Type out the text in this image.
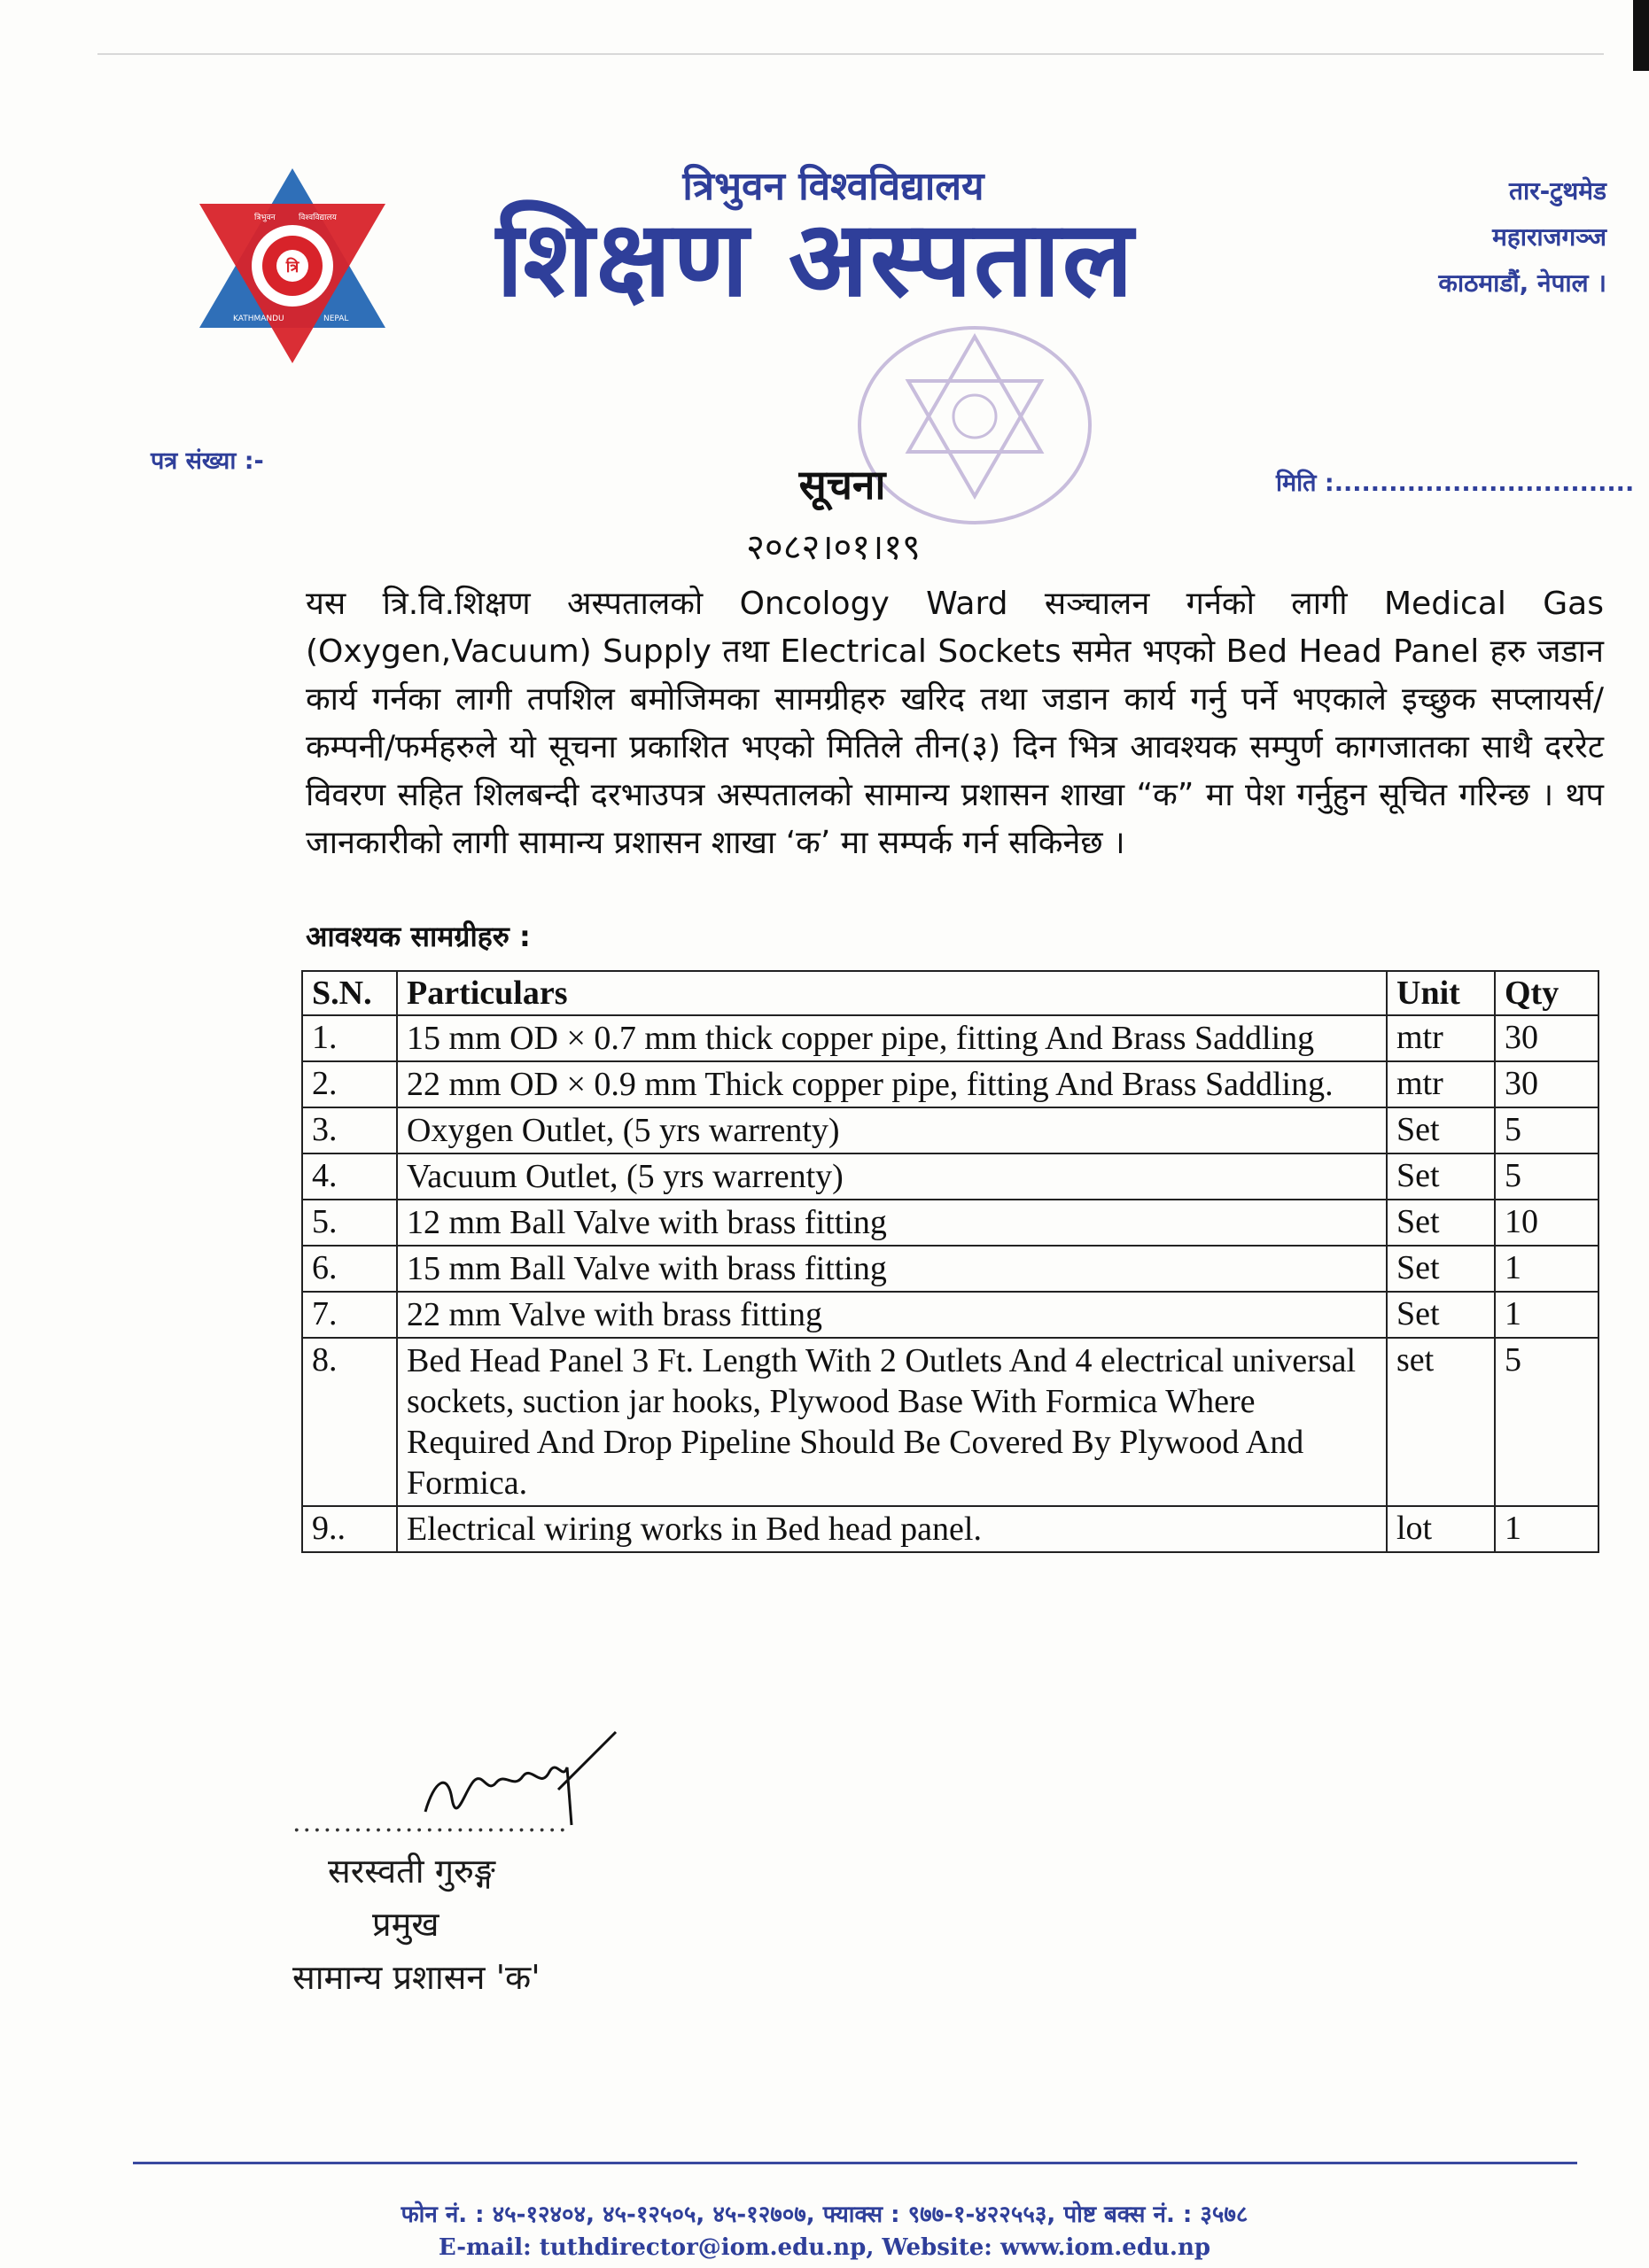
त्रि
त्रिभुवन	विश्वविद्यालय
KATHMANDU	NEPAL
त्रिभुवन विश्वविद्यालय
शिक्षण अस्पताल
तार-टुथमेड
महाराजगञ्ज
काठमाडौं, नेपाल ।
पत्र संख्या :-
मिति :.................................
सूचना
२०८२।०१।१९
यस त्रि.वि.शिक्षण अस्पतालको Oncology Ward सञ्चालन गर्नको लागी Medical Gas (Oxygen,Vacuum) Supply तथा Electrical Sockets समेत भएको Bed Head Panel हरु जडान कार्य गर्नका लागी तपशिल बमोजिमका सामग्रीहरु खरिद तथा जडान कार्य गर्नु पर्ने भएकाले इच्छुक सप्लायर्स/कम्पनी/फर्महरुले यो सूचना प्रकाशित भएको मितिले तीन(३) दिन भित्र आवश्यक सम्पुर्ण कागजातका साथै दररेट विवरण सहित शिलबन्दी दरभाउपत्र अस्पतालको सामान्य प्रशासन शाखा “क” मा पेश गर्नुहुन सूचित गरिन्छ । थप जानकारीको लागी सामान्य प्रशासन शाखा ‘क’ मा सम्पर्क गर्न सकिनेछ ।
आवश्यक सामग्रीहरु :
S.N.	Particulars	Unit	Qty
1.	15 mm OD × 0.7 mm thick copper pipe, fitting And Brass Saddling	mtr	30
2.	22 mm OD × 0.9 mm Thick copper pipe, fitting And Brass Saddling.	mtr	30
3.	Oxygen Outlet, (5 yrs warrenty)	Set	5
4.	Vacuum Outlet, (5 yrs warrenty)	Set	5
5.	12 mm Ball Valve with brass fitting	Set	10
6.	15 mm Ball Valve with brass fitting	Set	1
7.	22 mm Valve with brass fitting	Set	1
8.	Bed Head Panel 3 Ft. Length With 2 Outlets And 4 electrical universal sockets, suction jar hooks, Plywood Base With Formica Where Required And Drop Pipeline Should Be Covered By Plywood And Formica.	set	5
9..	Electrical wiring works in Bed head panel.	lot	1
...........................
सरस्वती गुरुङ्ग
प्रमुख
सामान्य प्रशासन 'क'
फोन नं. : ४५-१२४०४, ४५-१२५०५, ४५-१२७०७, फ्याक्स : ९७७-१-४२२५५३, पोष्ट बक्स नं. : ३५७८
E-mail: tuthdirector@iom.edu.np, Website: www.iom.edu.np
